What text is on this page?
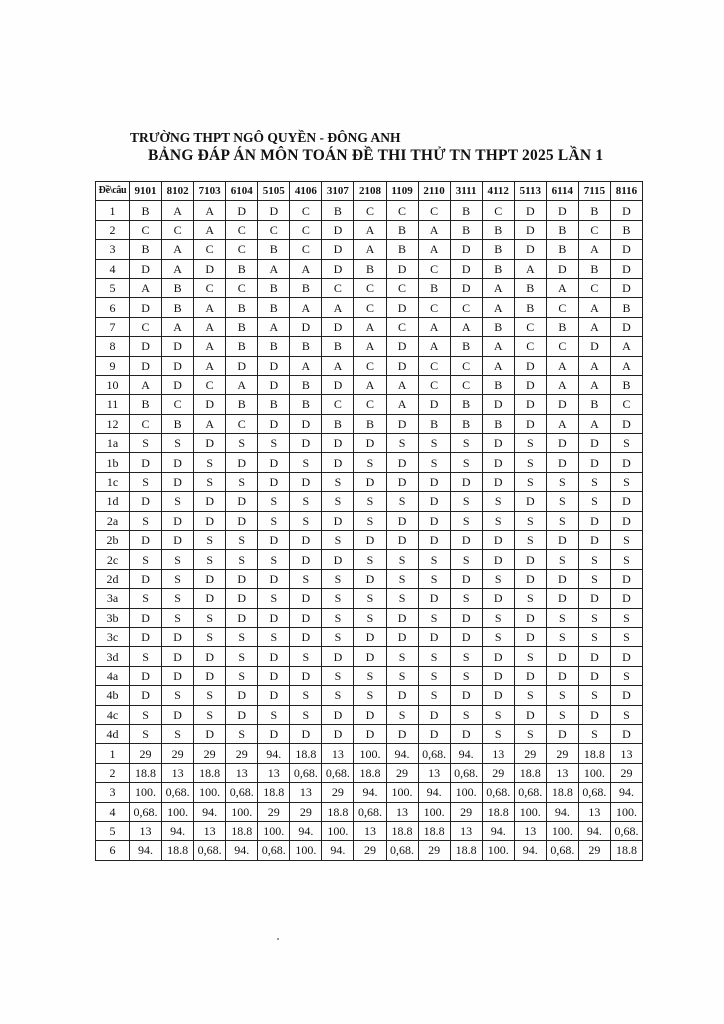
TRƯỜNG THPT NGÔ QUYỀN - ĐÔNG ANH
BẢNG ĐÁP ÁN MÔN TOÁN ĐỀ THI THỬ TN THPT 2025 LẦN 1
Đề\câu	9101	8102	7103	6104	5105	4106	3107	2108	1109	2110	3111	4112	5113	6114	7115	8116
1	B	A	A	D	D	C	B	C	C	C	B	C	D	D	B	D
2	C	C	A	C	C	C	D	A	B	A	B	B	D	B	C	B
3	B	A	C	C	B	C	D	A	B	A	D	B	D	B	A	D
4	D	A	D	B	A	A	D	B	D	C	D	B	A	D	B	D
5	A	B	C	C	B	B	C	C	C	B	D	A	B	A	C	D
6	D	B	A	B	B	A	A	C	D	C	C	A	B	C	A	B
7	C	A	A	B	A	D	D	A	C	A	A	B	C	B	A	D
8	D	D	A	B	B	B	B	A	D	A	B	A	C	C	D	A
9	D	D	A	D	D	A	A	C	D	C	C	A	D	A	A	A
10	A	D	C	A	D	B	D	A	A	C	C	B	D	A	A	B
11	B	C	D	B	B	B	C	C	A	D	B	D	D	D	B	C
12	C	B	A	C	D	D	B	B	D	B	B	B	D	A	A	D
1a	S	S	D	S	S	D	D	D	S	S	S	D	S	D	D	S
1b	D	D	S	D	D	S	D	S	D	S	S	D	S	D	D	D
1c	S	D	S	S	D	D	S	D	D	D	D	D	S	S	S	S
1d	D	S	D	D	S	S	S	S	S	D	S	S	D	S	S	D
2a	S	D	D	D	S	S	D	S	D	D	S	S	S	S	D	D
2b	D	D	S	S	D	D	S	D	D	D	D	D	S	D	D	S
2c	S	S	S	S	S	D	D	S	S	S	S	D	D	S	S	S
2d	D	S	D	D	D	S	S	D	S	S	D	S	D	D	S	D
3a	S	S	D	D	S	D	S	S	S	D	S	D	S	D	D	D
3b	D	S	S	D	D	D	S	S	D	S	D	S	D	S	S	S
3c	D	D	S	S	S	D	S	D	D	D	D	S	D	S	S	S
3d	S	D	D	S	D	S	D	D	S	S	S	D	S	D	D	D
4a	D	D	D	S	D	D	S	S	S	S	S	D	D	D	D	S
4b	D	S	S	D	D	S	S	S	D	S	D	D	S	S	S	D
4c	S	D	S	D	S	S	D	D	S	D	S	S	D	S	D	S
4d	S	S	D	S	D	D	D	D	D	D	D	S	S	D	S	D
1	29	29	29	29	94.	18.8	13	100.	94.	0,68.	94.	13	29	29	18.8	13
2	18.8	13	18.8	13	13	0,68.	0,68.	18.8	29	13	0,68.	29	18.8	13	100.	29
3	100.	0,68.	100.	0,68.	18.8	13	29	94.	100.	94.	100.	0,68.	0,68.	18.8	0,68.	94.
4	0,68.	100.	94.	100.	29	29	18.8	0,68.	13	100.	29	18.8	100.	94.	13	100.
5	13	94.	13	18.8	100.	94.	100.	13	18.8	18.8	13	94.	13	100.	94.	0,68.
6	94.	18.8	0,68.	94.	0,68.	100.	94.	29	0,68.	29	18.8	100.	94.	0,68.	29	18.8
